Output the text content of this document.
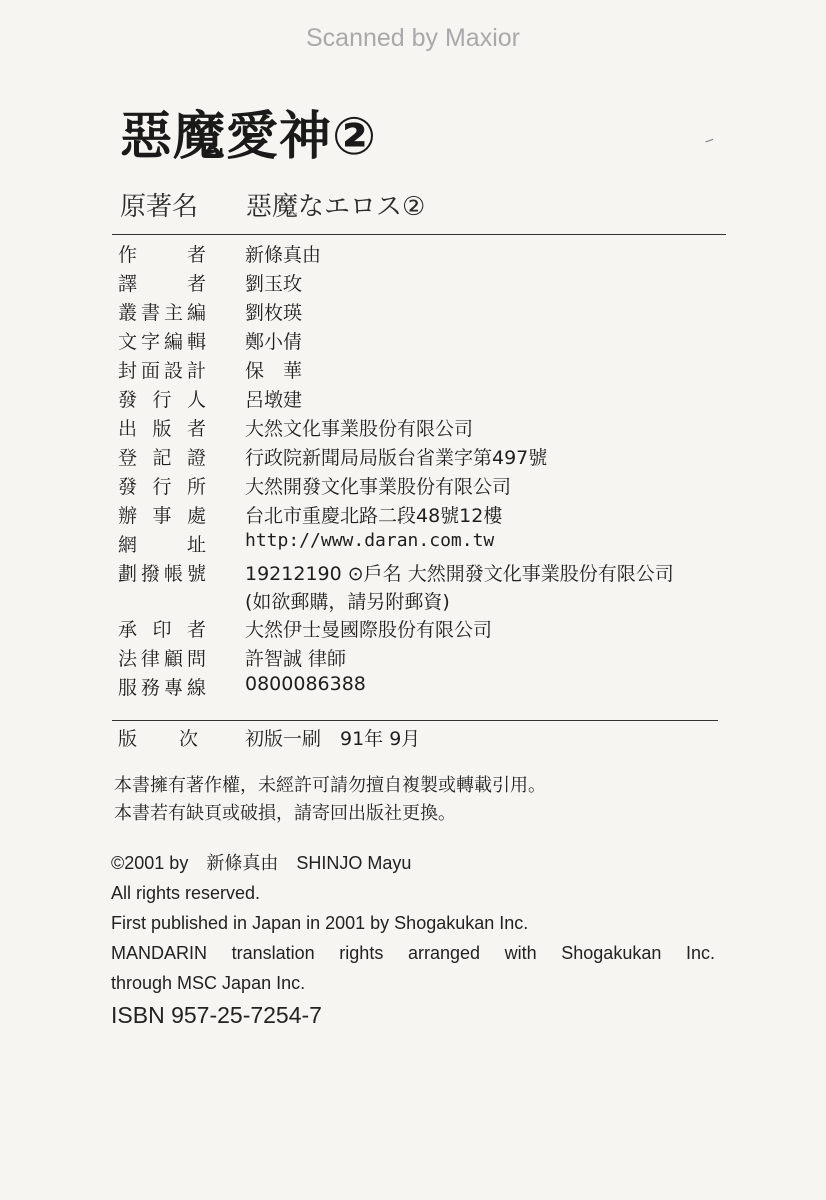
Scanned by Maxior
惡魔愛神②
原著名 惡魔なエロス②
作　者 新條真由
譯　者 劉玉玫
叢書主編 劉枚瑛
文字編輯 鄭小倩
封面設計 保　華
發行人 呂墩建
出版者 大然文化事業股份有限公司
登記證 行政院新聞局局版台省業字第497號
發行所 大然開發文化事業股份有限公司
辦事處 台北市重慶北路二段48號12樓
網　址 http://www.daran.com.tw
劃撥帳號 19212190 ⊙戶名 大然開發文化事業股份有限公司
(如欲郵購，請另附郵資)
承印者 大然伊士曼國際股份有限公司
法律顧問 許智誠 律師
服務專線 0800086388
版　次 初版一刷　91年 9月
本書擁有著作權，未經許可請勿擅自複製或轉載引用。
本書若有缺頁或破損，請寄回出版社更換。
©2001 by　新條真由　SHINJO Mayu
All rights reserved.
First published in Japan in 2001 by Shogakukan Inc.
MANDARIN translation rights arranged with Shogakukan Inc.
through MSC Japan Inc.
ISBN 957-25-7254-7
